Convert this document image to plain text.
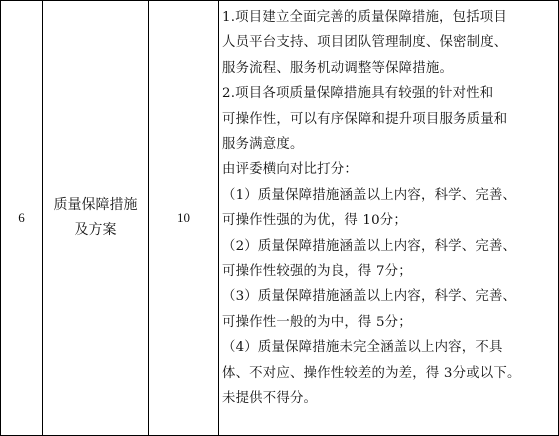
6
质量保障措施
及方案
10
1.项目建立全面完善的质量保障措施，包括项目
人员平台支持、项目团队管理制度、保密制度、
服务流程、服务机动调整等保障措施。
2.项目各项质量保障措施具有较强的针对性和
可操作性，可以有序保障和提升项目服务质量和
服务满意度。
由评委横向对比打分：
（1）质量保障措施涵盖以上内容，科学、完善、
可操作性强的为优，得 10分；
（2）质量保障措施涵盖以上内容，科学、完善、
可操作性较强的为良，得 7分；
（3）质量保障措施涵盖以上内容，科学、完善、
可操作性一般的为中，得 5分；
（4）质量保障措施未完全涵盖以上内容，不具
体、不对应、操作性较差的为差，得 3分或以下。
未提供不得分。
